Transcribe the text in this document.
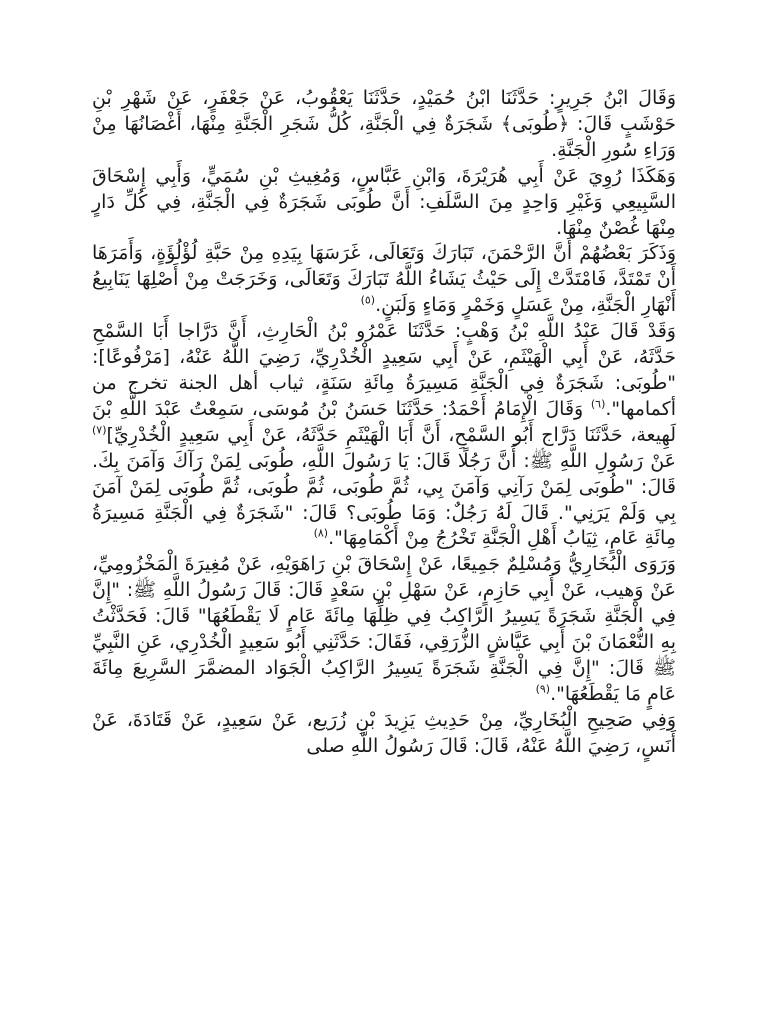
وَقَالَ ابْنُ جَرِيرٍ: حَدَّثَنَا ابْنُ حُمَيْدٍ، حَدَّثَنَا يَعْقُوبُ، عَنْ جَعْفَرٍ، عَنْ شَهْرِ بْنِ حَوْشَبٍ قَالَ: ﴿طُوبَى﴾ شَجَرَةٌ فِي الْجَنَّةِ، كُلُّ شَجَرِ الْجَنَّةِ مِنْهَا، أَغْصَانُهَا مِنْ وَرَاءِ سُورِ الْجَنَّةِ.

وَهَكَذَا رُوِيَ عَنْ أَبِي هُرَيْرَةَ، وَابْنِ عَبَّاسٍ، وَمُغِيثِ بْنِ سُمَيٍّ، وَأَبِي إِسْحَاقَ السَّبِيعِي وَغَيْرِ وَاحِدٍ مِنَ السَّلَفِ: أَنَّ طُوبَى شَجَرَةٌ فِي الْجَنَّةِ، فِي كُلِّ دَارٍ مِنْهَا غُصْنٌ مِنْهَا.

وَذَكَرَ بَعْضُهُمْ أَنَّ الرَّحْمَنَ، تَبَارَكَ وَتَعَالَى، غَرَسَهَا بِيَدِهِ مِنْ حَبَّةِ لُؤْلُؤَةٍ، وَأَمَرَهَا أَنْ تَمْتَدَّ، فَامْتَدَّتْ إِلَى حَيْثُ يَشَاءُ اللَّهُ تَبَارَكَ وَتَعَالَى، وَخَرَجَتْ مِنْ أَصْلِهَا يَنَابِيعُ أَنْهَارِ الْجَنَّةِ، مِنْ عَسَلٍ وَخَمْرٍ وَمَاءٍ وَلَبَنٍ.$^{(٥)}$

وَقَدْ قَالَ عَبْدُ اللَّهِ بْنُ وَهْبٍ: حَدَّثَنَا عَمْرُو بْنُ الْحَارِثِ، أَنَّ دَرَّاجا أَبَا السَّمْحِ حَدَّثَهُ، عَنْ أَبِي الْهَيْثَمِ، عَنْ أَبِي سَعِيدٍ الْخُدْرِيِّ، رَضِيَ اللَّهُ عَنْهُ، [مَرْفُوعًا]: "طُوبَى: شَجَرَةٌ فِي الْجَنَّةِ مَسِيرَةُ مِائَةِ سَنَةٍ، ثياب أهل الجنة تخرج من أكمامها".$^{(٦)}$ وَقَالَ الْإِمَامُ أَحْمَدُ: حَدَّثَنَا حَسَنُ بْنُ مُوسَى، سَمِعْتُ عَبْدَ اللَّهِ بْنَ لَهِيعة، حَدَّثَنَا دَرَّاج أَبُو السَّمْحِ، أَنَّ أَبَا الْهَيْثَمِ حَدَّثَهُ، عَنْ أَبِي سَعِيدٍ الْخُدْرِيِّ]$^{(٧)}$ عَنْ رَسُولِ اللَّهِ ﷺ: أَنَّ رَجُلًا قَالَ: يَا رَسُولَ اللَّهِ، طُوبَى لِمَنْ رَآكَ وَآمَنَ بِكَ. قَالَ: "طُوبَى لِمَنْ رَآنِي وَآمَنَ بِي، ثُمَّ طُوبَى، ثُمَّ طُوبَى، ثُمَّ طُوبَى لِمَنْ آمَنَ بِي وَلَمْ يَرَنِي". قَالَ لَهُ رَجُلٌ: وَمَا طُوبَى؟ قَالَ: "شَجَرَةٌ فِي الْجَنَّةِ مَسِيرَةُ مِائَةِ عَامٍ، ثِيَابُ أَهْلِ الْجَنَّةِ تَخْرُجُ مِنْ أَكْمَامِهَا".$^{(٨)}$

وَرَوَى الْبُخَارِيُّ وَمُسْلِمٌ جَمِيعًا، عَنْ إِسْحَاقَ بْنِ رَاهَوَيْهِ، عَنْ مُغِيرَةَ الْمَخْزُومِيِّ، عَنْ وَهيب، عَنْ أَبِي حَازِمٍ، عَنْ سَهْلِ بْنِ سَعْدٍ قَالَ: قَالَ رَسُولُ اللَّهِ ﷺ: "إِنَّ فِي الْجَنَّةِ شَجَرَةً يَسِيرُ الرَّاكِبُ فِي ظِلِّهَا مِائَةَ عَامٍ لَا يَقْطَعُهَا" قَالَ: فَحَدَّثْتُ بِهِ النُّعْمَانَ بْنَ أَبِي عَيَّاشٍ الزُّرَقِي، فَقَالَ: حَدَّثَنِي أَبُو سَعِيدٍ الْخُدْرِي، عَنِ النَّبِيِّ ﷺ قَالَ: "إِنَّ فِي الْجَنَّةِ شَجَرَةً يَسِيرُ الرَّاكِبُ الْجَوَاد المضمَّرَ السَّرِيعَ مِائَةَ عَامٍ مَا يَقْطَعُهَا".$^{(٩)}$

وَفِي صَحِيحِ الْبُخَارِيِّ، مِنْ حَدِيثِ يَزِيدَ بْنِ زُرَيع، عَنْ سَعِيدٍ، عَنْ قَتَادَةَ، عَنْ أَنَسٍ، رَضِيَ اللَّهُ عَنْهُ، قَالَ: قَالَ رَسُولُ اللَّهِ صلى
